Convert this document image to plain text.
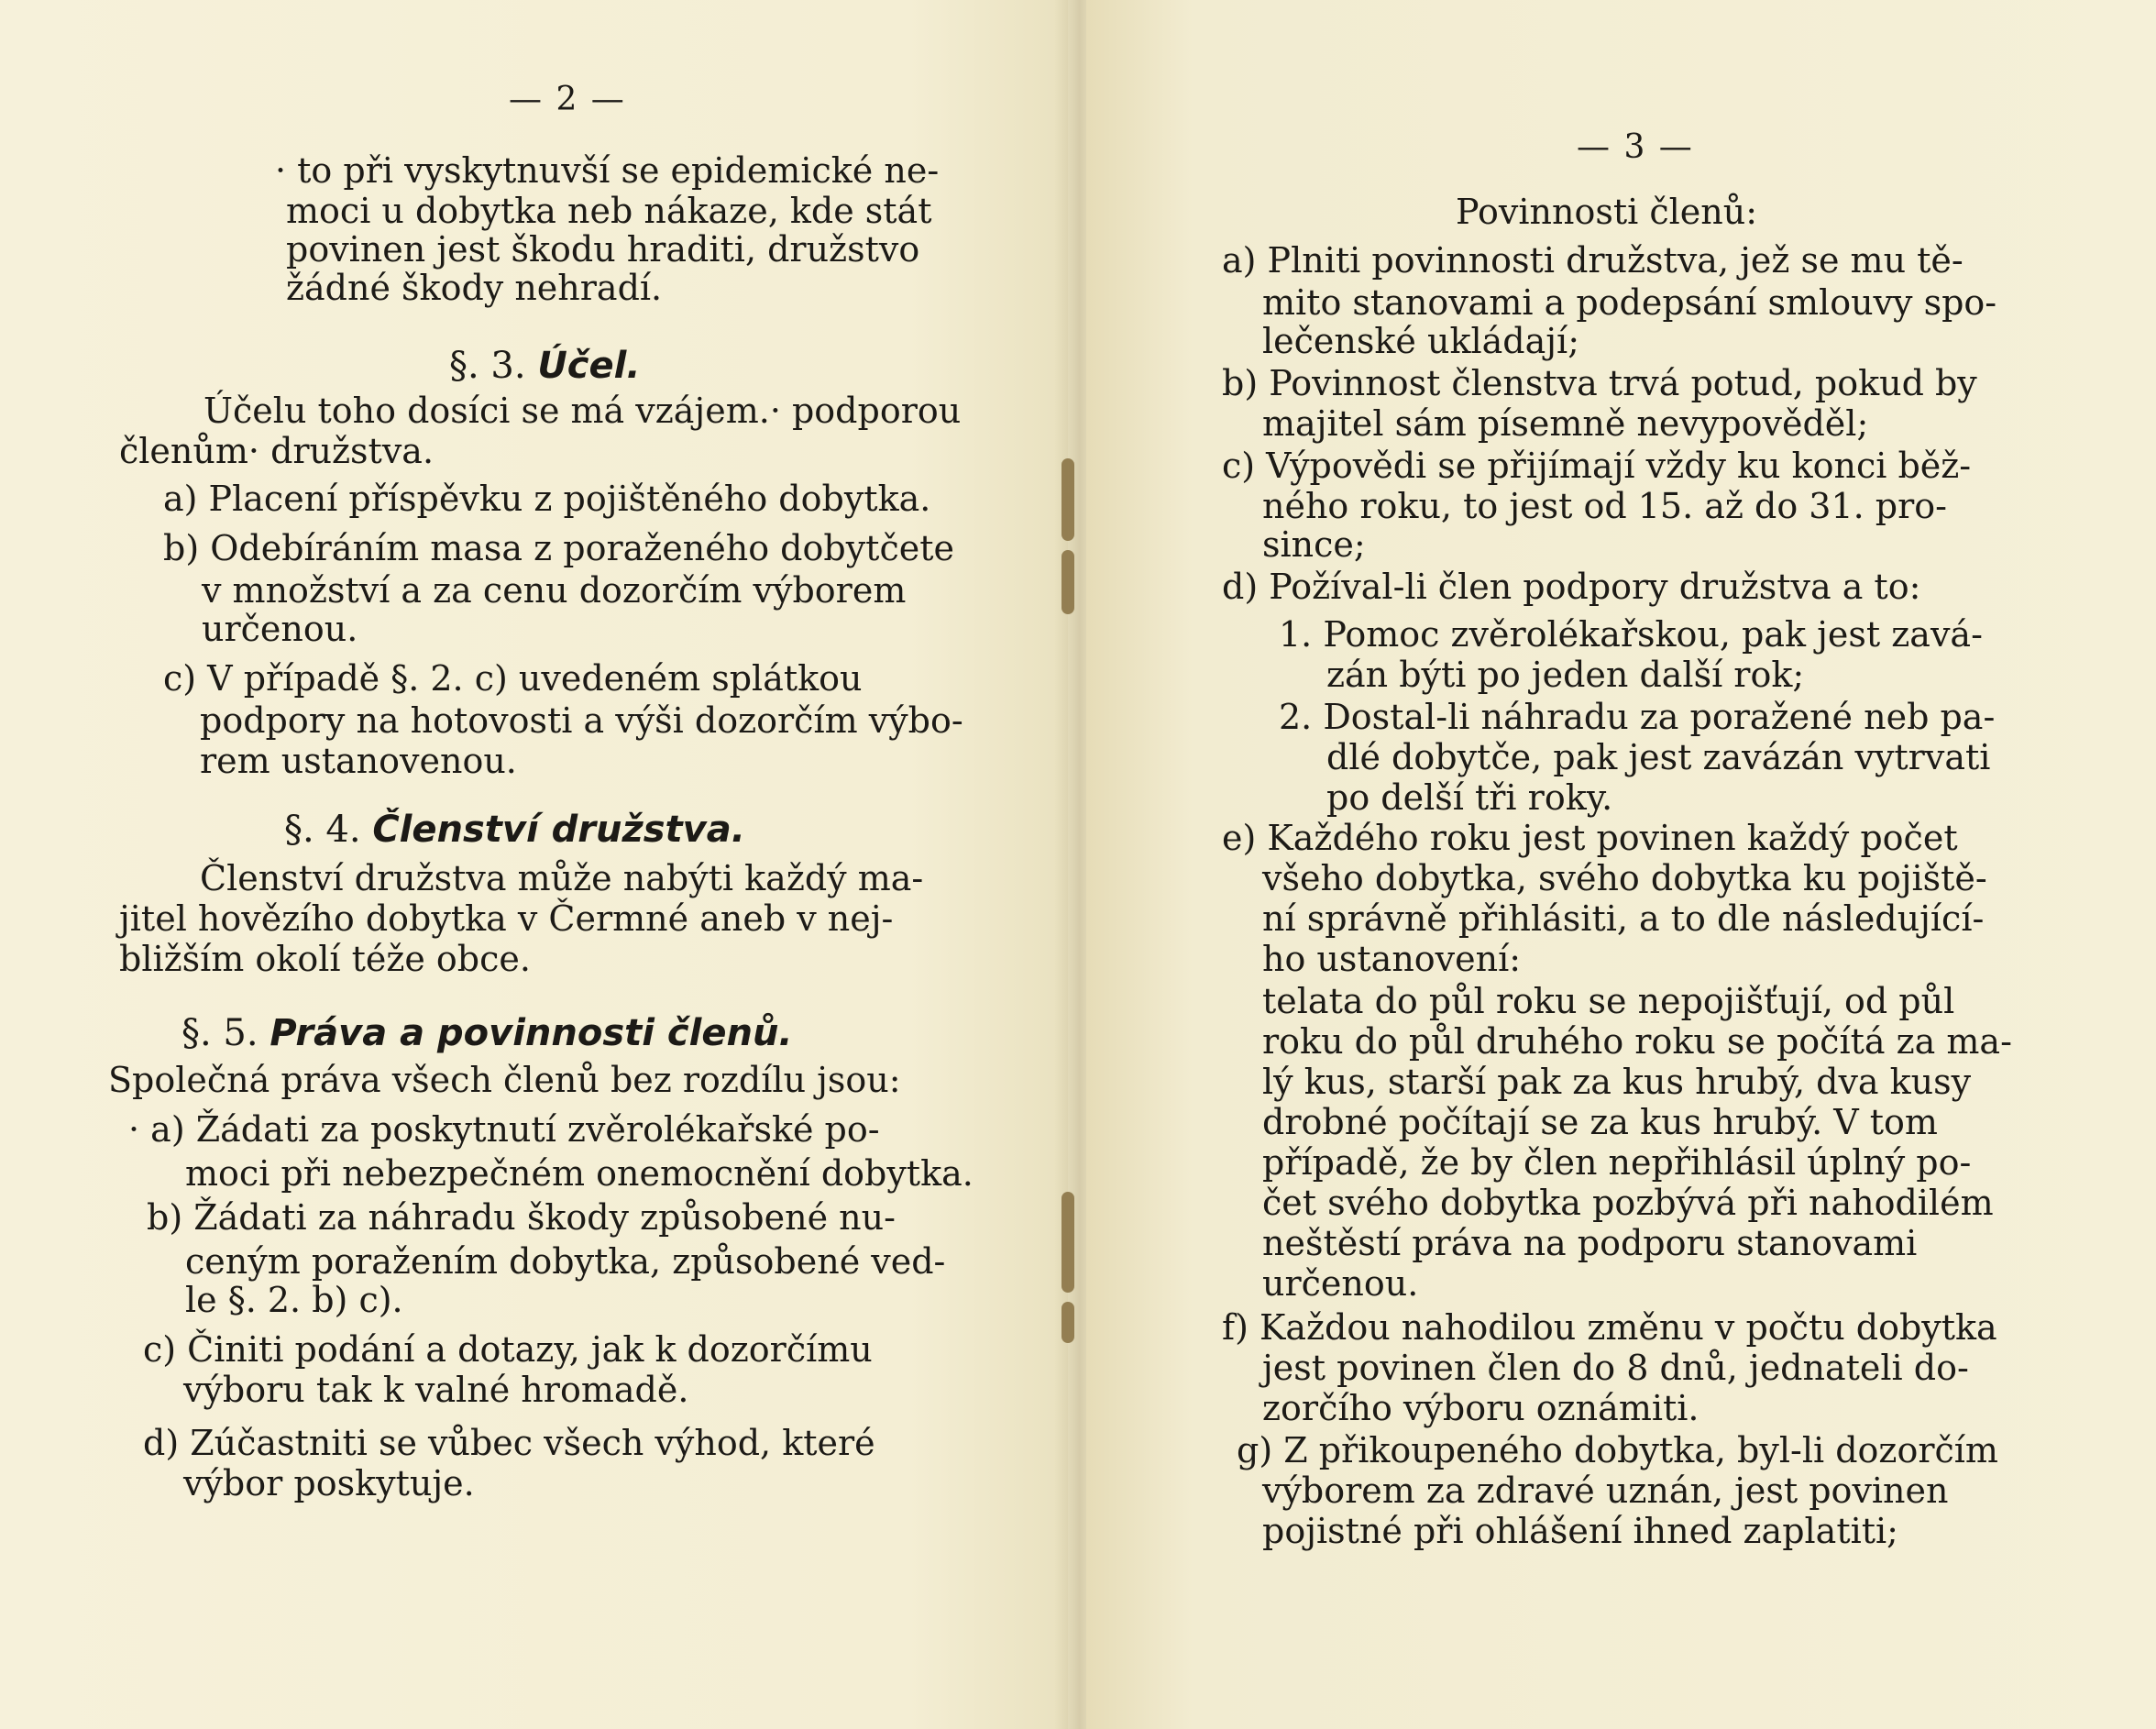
— 2 —
· to při vyskytnuvší se epidemické ne-
moci u dobytka neb nákaze, kde stát
povinen jest škodu hraditi, družstvo
žádné škody nehradí.
§. 3. Účel.
Účelu toho dosíci se má vzájem.· podporou
členům· družstva.
a) Placení příspěvku z pojištěného dobytka.
b) Odebíráním masa z poraženého dobytčete
v množství a za cenu dozorčím výborem
určenou.
c) V případě §. 2. c) uvedeném splátkou
podpory na hotovosti a výši dozorčím výbo-
rem ustanovenou.
§. 4. Členství družstva.
Členství družstva může nabýti každý ma-
jitel hovězího dobytka v Čermné aneb v nej-
bližším okolí téže obce.
§. 5. Práva a povinnosti členů.
Společná práva všech členů bez rozdílu jsou:
· a) Žádati za poskytnutí zvěrolékařské po-
moci při nebezpečném onemocnění dobytka.
b) Žádati za náhradu škody způsobené nu-
ceným poražením dobytka, způsobené ved-
le §. 2. b) c).
c) Činiti podání a dotazy, jak k dozorčímu
výboru tak k valné hromadě.
d) Zúčastniti se vůbec všech výhod, které
výbor poskytuje.
— 3 —
Povinnosti členů:
a) Plniti povinnosti družstva, jež se mu tě-
mito stanovami a podepsání smlouvy spo-
lečenské ukládají;
b) Povinnost členstva trvá potud, pokud by
majitel sám písemně nevypověděl;
c) Výpovědi se přijímají vždy ku konci běž-
ného roku, to jest od 15. až do 31. pro-
since;
d) Požíval-li člen podpory družstva a to:
1. Pomoc zvěrolékařskou, pak jest zavá-
zán býti po jeden další rok;
2. Dostal-li náhradu za poražené neb pa-
dlé dobytče, pak jest zavázán vytrvati
po delší tři roky.
e) Každého roku jest povinen každý počet
všeho dobytka, svého dobytka ku pojiště-
ní správně přihlásiti, a to dle následující-
ho ustanovení:
telata do půl roku se nepojišťují, od půl
roku do půl druhého roku se počítá za ma-
lý kus, starší pak za kus hrubý, dva kusy
drobné počítají se za kus hrubý. V tom
případě, že by člen nepřihlásil úplný po-
čet svého dobytka pozbývá při nahodilém
neštěstí práva na podporu stanovami
určenou.
f) Každou nahodilou změnu v počtu dobytka
jest povinen člen do 8 dnů, jednateli do-
zorčího výboru oznámiti.
g) Z přikoupeného dobytka, byl-li dozorčím
výborem za zdravé uznán, jest povinen
pojistné při ohlášení ihned zaplatiti;
